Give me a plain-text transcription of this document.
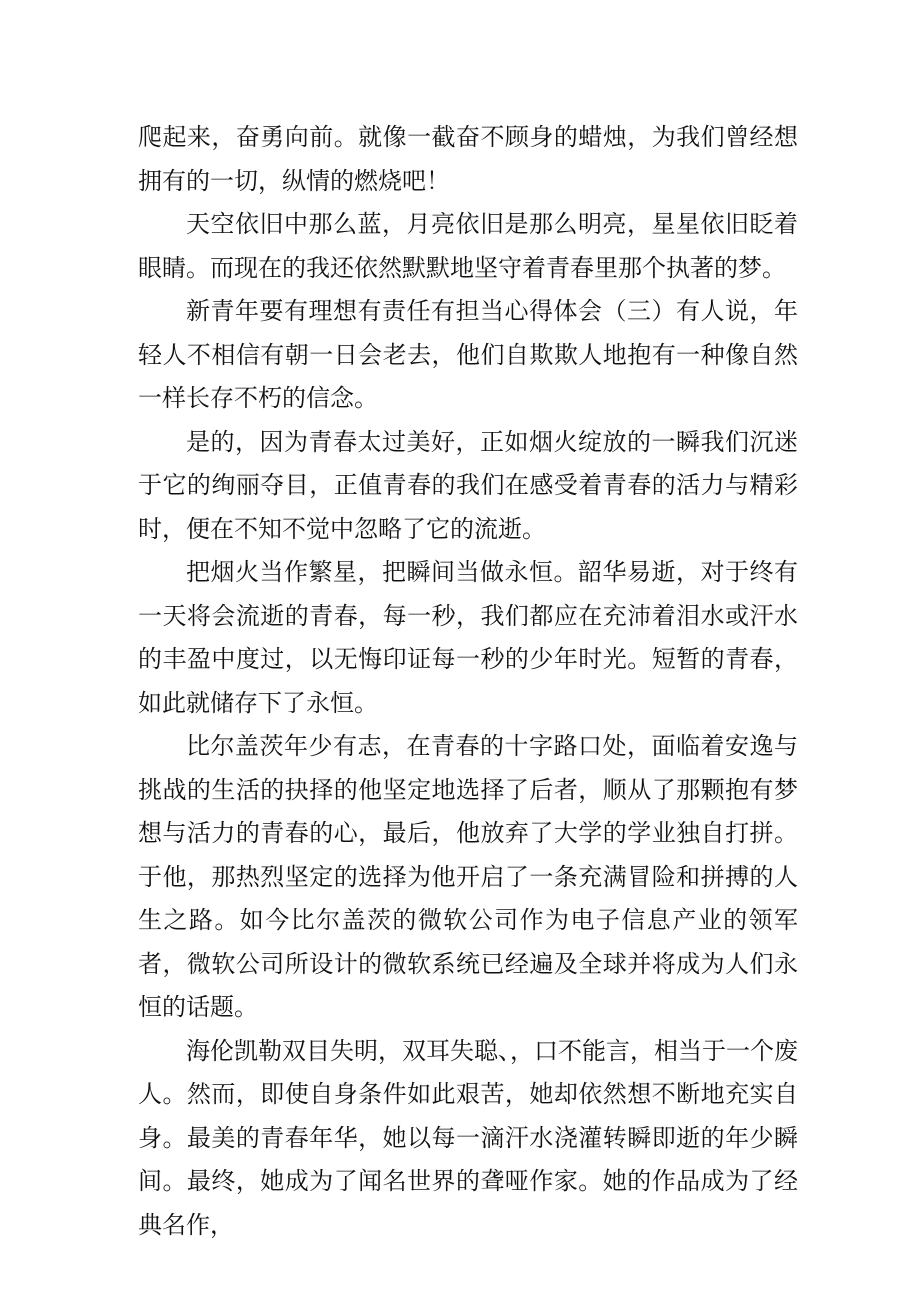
爬起来，奋勇向前。就像一截奋不顾身的蜡烛，为我们曾经想拥有的一切，纵情的燃烧吧！

天空依旧中那么蓝，月亮依旧是那么明亮，星星依旧眨着眼睛。而现在的我还依然默默地坚守着青春里那个执著的梦。

新青年要有理想有责任有担当心得体会（三）有人说，年轻人不相信有朝一日会老去，他们自欺欺人地抱有一种像自然一样长存不朽的信念。

是的，因为青春太过美好，正如烟火绽放的一瞬我们沉迷于它的绚丽夺目，正值青春的我们在感受着青春的活力与精彩时，便在不知不觉中忽略了它的流逝。

把烟火当作繁星，把瞬间当做永恒。韶华易逝，对于终有一天将会流逝的青春，每一秒，我们都应在充沛着泪水或汗水的丰盈中度过，以无悔印证每一秒的少年时光。短暂的青春，如此就储存下了永恒。

比尔盖茨年少有志，在青春的十字路口处，面临着安逸与挑战的生活的抉择的他坚定地选择了后者，顺从了那颗抱有梦想与活力的青春的心，最后，他放弃了大学的学业独自打拼。于他，那热烈坚定的选择为他开启了一条充满冒险和拼搏的人生之路。如今比尔盖茨的微软公司作为电子信息产业的领军者，微软公司所设计的微软系统已经遍及全球并将成为人们永恒的话题。

海伦凯勒双目失明，双耳失聪、，口不能言，相当于一个废人。然而，即使自身条件如此艰苦，她却依然想不断地充实自身。最美的青春年华，她以每一滴汗水浇灌转瞬即逝的年少瞬间。最终，她成为了闻名世界的聋哑作家。她的作品成为了经典名作，
